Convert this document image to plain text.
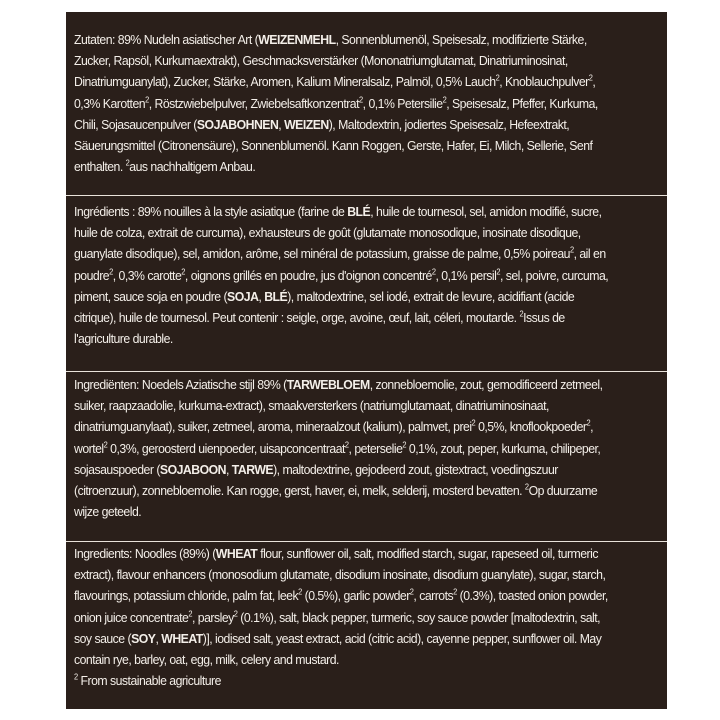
Zutaten: 89% Nudeln asiatischer Art (WEIZENMEHL, Sonnenblumenöl, Speisesalz, modifizierte Stärke, Zucker, Rapsöl, Kurkumaextrakt), Geschmacksverstärker (Mononatriumglutamat, Dinatriuminosinat, Dinatriumguanylat), Zucker, Stärke, Aromen, Kalium Mineralsalz, Palmöl, 0,5% Lauch$^2$, Knoblauchpulver$^2$, 0,3% Karotten$^2$, Röstzwiebelpulver, Zwiebelsaftkonzentrat$^2$, 0,1% Petersilie$^2$, Speisesalz, Pfeffer, Kurkuma, Chili, Sojasaucenpulver (SOJABOHNEN, WEIZEN), Maltodextrin, jodiertes Speisesalz, Hefeextrakt, Säuerungsmittel (Citronensäure), Sonnenblumenöl. Kann Roggen, Gerste, Hafer, Ei, Milch, Sellerie, Senf enthalten. $^2$aus nachhaltigem Anbau.
Ingrédients : 89% nouilles à la style asiatique (farine de BLÉ, huile de tournesol, sel, amidon modifié, sucre, huile de colza, extrait de curcuma), exhausteurs de goût (glutamate monosodique, inosinate disodique, guanylate disodique), sel, amidon, arôme, sel minéral de potassium, graisse de palme, 0,5% poireau$^2$, ail en poudre$^2$, 0,3% carotte$^2$, oignons grillés en poudre, jus d'oignon concentré$^2$, 0,1% persil$^2$, sel, poivre, curcuma, piment, sauce soja en poudre (SOJA, BLÉ), maltodextrine, sel iodé, extrait de levure, acidifiant (acide citrique), huile de tournesol. Peut contenir : seigle, orge, avoine, œuf, lait, céleri, moutarde. $^2$Issus de l'agriculture durable.
Ingrediënten: Noedels Aziatische stijl 89% (TARWEBLOEM, zonnebloemolie, zout, gemodificeerd zetmeel, suiker, raapzaadolie, kurkuma-extract), smaakversterkers (natriumglutamaat, dinatriuminosinaat, dinatriumguanylaat), suiker, zetmeel, aroma, mineraalzout (kalium), palmvet, prei$^2$ 0,5%, knoflookpoeder$^2$, wortel$^2$ 0,3%, geroosterd uienpoeder, uisapconcentraat$^2$, peterselie$^2$ 0,1%, zout, peper, kurkuma, chilipeper, sojasauspoeder (SOJABOON, TARWE), maltodextrine, gejodeerd zout, gistextract, voedingszuur (citroenzuur), zonnebloemolie. Kan rogge, gerst, haver, ei, melk, selderij, mosterd bevatten. $^2$Op duurzame wijze geteeld.
Ingredients: Noodles (89%) (WHEAT flour, sunflower oil, salt, modified starch, sugar, rapeseed oil, turmeric extract), flavour enhancers (monosodium glutamate, disodium inosinate, disodium guanylate), sugar, starch, flavourings, potassium chloride, palm fat, leek$^2$ (0.5%), garlic powder$^2$, carrots$^2$ (0.3%), toasted onion powder, onion juice concentrate$^2$, parsley$^2$ (0.1%), salt, black pepper, turmeric, soy sauce powder [maltodextrin, salt, soy sauce (SOY, WHEAT)], iodised salt, yeast extract, acid (citric acid), cayenne pepper, sunflower oil. May contain rye, barley, oat, egg, milk, celery and mustard.
$^2$ From sustainable agriculture
